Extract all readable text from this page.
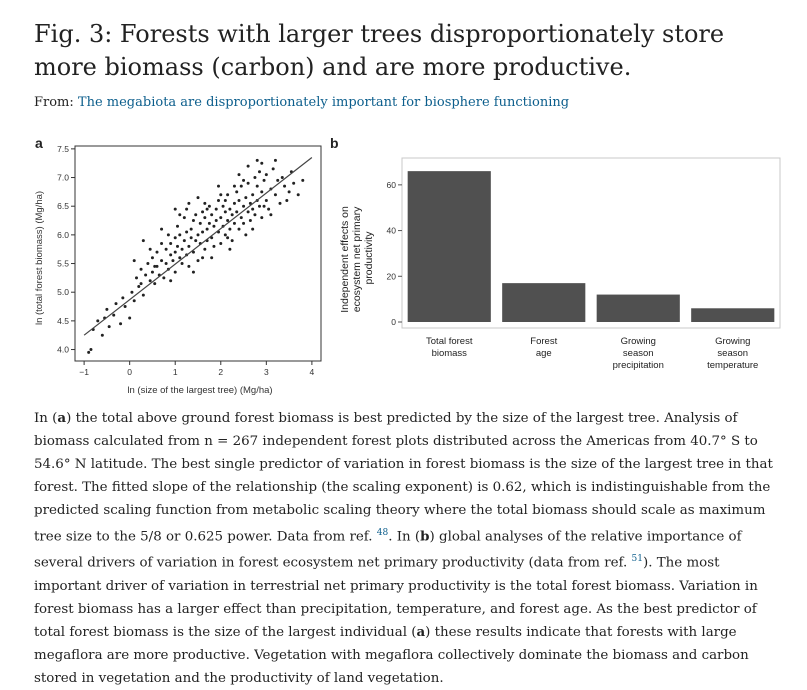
Fig. 3: Forests with larger trees disproportionately store more biomass (carbon) and are more productive.
From: The megabiota are disproportionately important for biosphere functioning
a	b
4.0
4.5
5.0
5.5
6.0
6.5
7.0
7.5
−1	0	1	2	3	4
ln (size of the largest tree) (Mg/ha)
ln (total forest biomass) (Mg/ha)	Independent effects on ecosystem net primary productivity
0
20
40
60
Total forest biomass
Forest age
Growing season precipitation
Growing season temperature
In (a) the total above ground forest biomass is best predicted by the size of the largest tree. Analysis of biomass calculated from n = 267 independent forest plots distributed across the Americas from 40.7° S to 54.6° N latitude. The best single predictor of variation in forest biomass is the size of the largest tree in that forest. The fitted slope of the relationship (the scaling exponent) is 0.62, which is indistinguishable from the predicted scaling function from metabolic scaling theory where the total biomass should scale as maximum tree size to the 5/8 or 0.625 power. Data from ref. $^{48}$. In (b) global analyses of the relative importance of several drivers of variation in forest ecosystem net primary productivity (data from ref. $^{51}$). The most important driver of variation in terrestrial net primary productivity is the total forest biomass. Variation in forest biomass has a larger effect than precipitation, temperature, and forest age. As the best predictor of total forest biomass is the size of the largest individual (a) these results indicate that forests with large megaflora are more productive. Vegetation with megaflora collectively dominate the biomass and carbon stored in vegetation and the productivity of land vegetation.
